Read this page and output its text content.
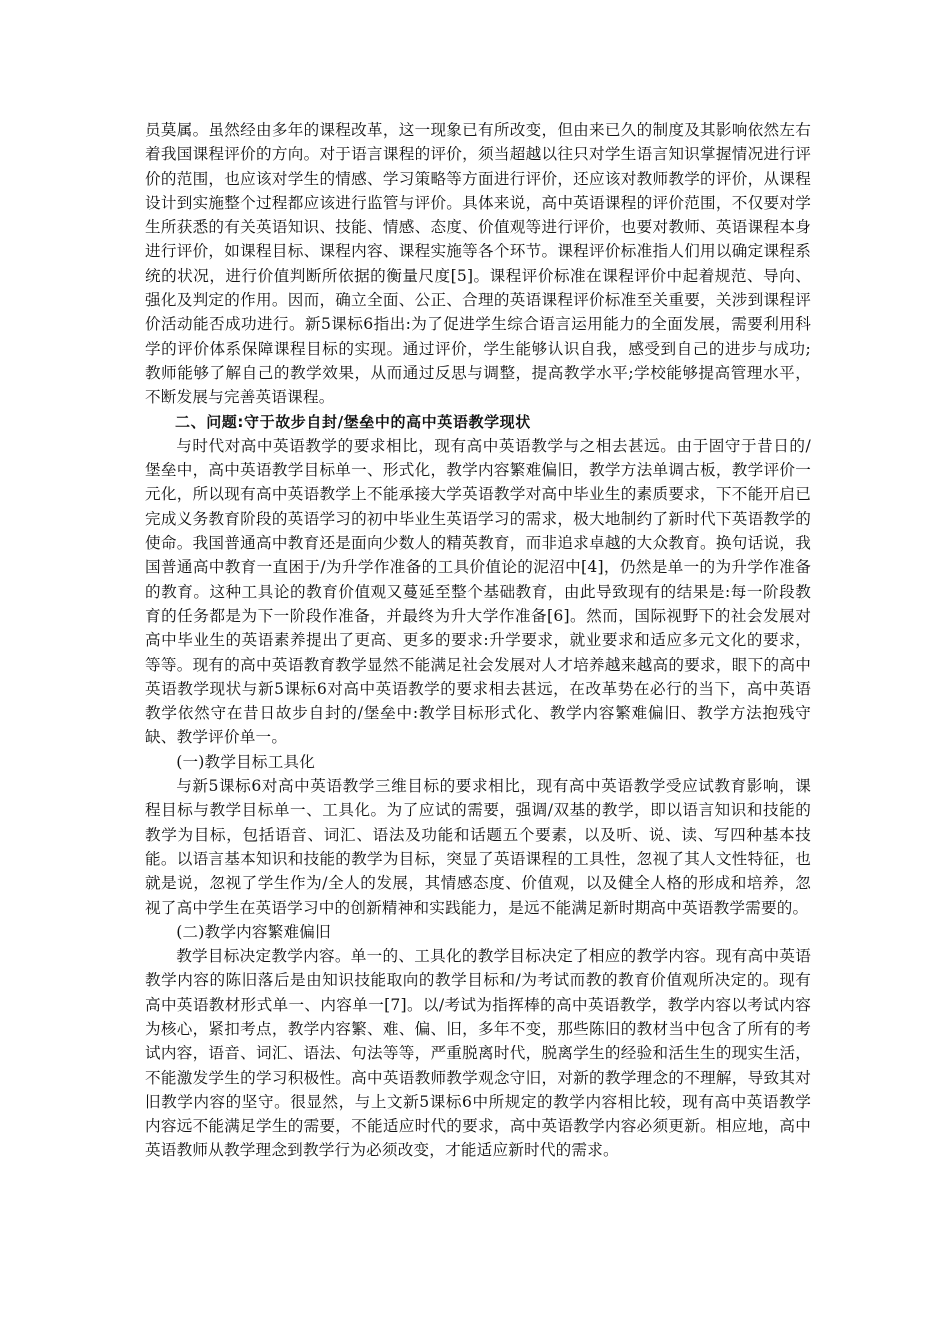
员莫属。虽然经由多年的课程改革，这一现象已有所改变，但由来已久的制度及其影响依然左右着我国课程评价的方向。对于语言课程的评价，须当超越以往只对学生语言知识掌握情况进行评价的范围，也应该对学生的情感、学习策略等方面进行评价，还应该对教师教学的评价，从课程设计到实施整个过程都应该进行监管与评价。具体来说，高中英语课程的评价范围，不仅要对学生所获悉的有关英语知识、技能、情感、态度、价值观等进行评价，也要对教师、英语课程本身进行评价，如课程目标、课程内容、课程实施等各个环节。课程评价标准指人们用以确定课程系统的状况，进行价值判断所依据的衡量尺度[5]。课程评价标准在课程评价中起着规范、导向、强化及判定的作用。因而，确立全面、公正、合理的英语课程评价标准至关重要，关涉到课程评价活动能否成功进行。新5课标6指出:为了促进学生综合语言运用能力的全面发展，需要利用科学的评价体系保障课程目标的实现。通过评价，学生能够认识自我，感受到自己的进步与成功;教师能够了解自己的教学效果，从而通过反思与调整，提高教学水平;学校能够提高管理水平，不断发展与完善英语课程。

二、问题:守于故步自封/堡垒中的高中英语教学现状

与时代对高中英语教学的要求相比，现有高中英语教学与之相去甚远。由于固守于昔日的/堡垒中，高中英语教学目标单一、形式化，教学内容繁难偏旧，教学方法单调古板，教学评价一元化，所以现有高中英语教学上不能承接大学英语教学对高中毕业生的素质要求，下不能开启已完成义务教育阶段的英语学习的初中毕业生英语学习的需求，极大地制约了新时代下英语教学的使命。我国普通高中教育还是面向少数人的精英教育，而非追求卓越的大众教育。换句话说，我国普通高中教育一直困于/为升学作准备的工具价值论的泥沼中[4]，仍然是单一的为升学作准备的教育。这种工具论的教育价值观又蔓延至整个基础教育，由此导致现有的结果是:每一阶段教育的任务都是为下一阶段作准备，并最终为升大学作准备[6]。然而，国际视野下的社会发展对高中毕业生的英语素养提出了更高、更多的要求:升学要求，就业要求和适应多元文化的要求，等等。现有的高中英语教育教学显然不能满足社会发展对人才培养越来越高的要求，眼下的高中英语教学现状与新5课标6对高中英语教学的要求相去甚远，在改革势在必行的当下，高中英语教学依然守在昔日故步自封的/堡垒中:教学目标形式化、教学内容繁难偏旧、教学方法抱残守缺、教学评价单一。

(一)教学目标工具化

与新5课标6对高中英语教学三维目标的要求相比，现有高中英语教学受应试教育影响，课程目标与教学目标单一、工具化。为了应试的需要，强调/双基的教学，即以语言知识和技能的教学为目标，包括语音、词汇、语法及功能和话题五个要素，以及听、说、读、写四种基本技能。以语言基本知识和技能的教学为目标，突显了英语课程的工具性，忽视了其人文性特征，也就是说，忽视了学生作为/全人的发展，其情感态度、价值观，以及健全人格的形成和培养，忽视了高中学生在英语学习中的创新精神和实践能力，是远不能满足新时期高中英语教学需要的。

(二)教学内容繁难偏旧

教学目标决定教学内容。单一的、工具化的教学目标决定了相应的教学内容。现有高中英语教学内容的陈旧落后是由知识技能取向的教学目标和/为考试而教的教育价值观所决定的。现有高中英语教材形式单一、内容单一[7]。以/考试为指挥棒的高中英语教学，教学内容以考试内容为核心，紧扣考点，教学内容繁、难、偏、旧，多年不变，那些陈旧的教材当中包含了所有的考试内容，语音、词汇、语法、句法等等，严重脱离时代，脱离学生的经验和活生生的现实生活，不能激发学生的学习积极性。高中英语教师教学观念守旧，对新的教学理念的不理解，导致其对旧教学内容的坚守。很显然，与上文新5课标6中所规定的教学内容相比较，现有高中英语教学内容远不能满足学生的需要，不能适应时代的要求，高中英语教学内容必须更新。相应地，高中英语教师从教学理念到教学行为必须改变，才能适应新时代的需求。
